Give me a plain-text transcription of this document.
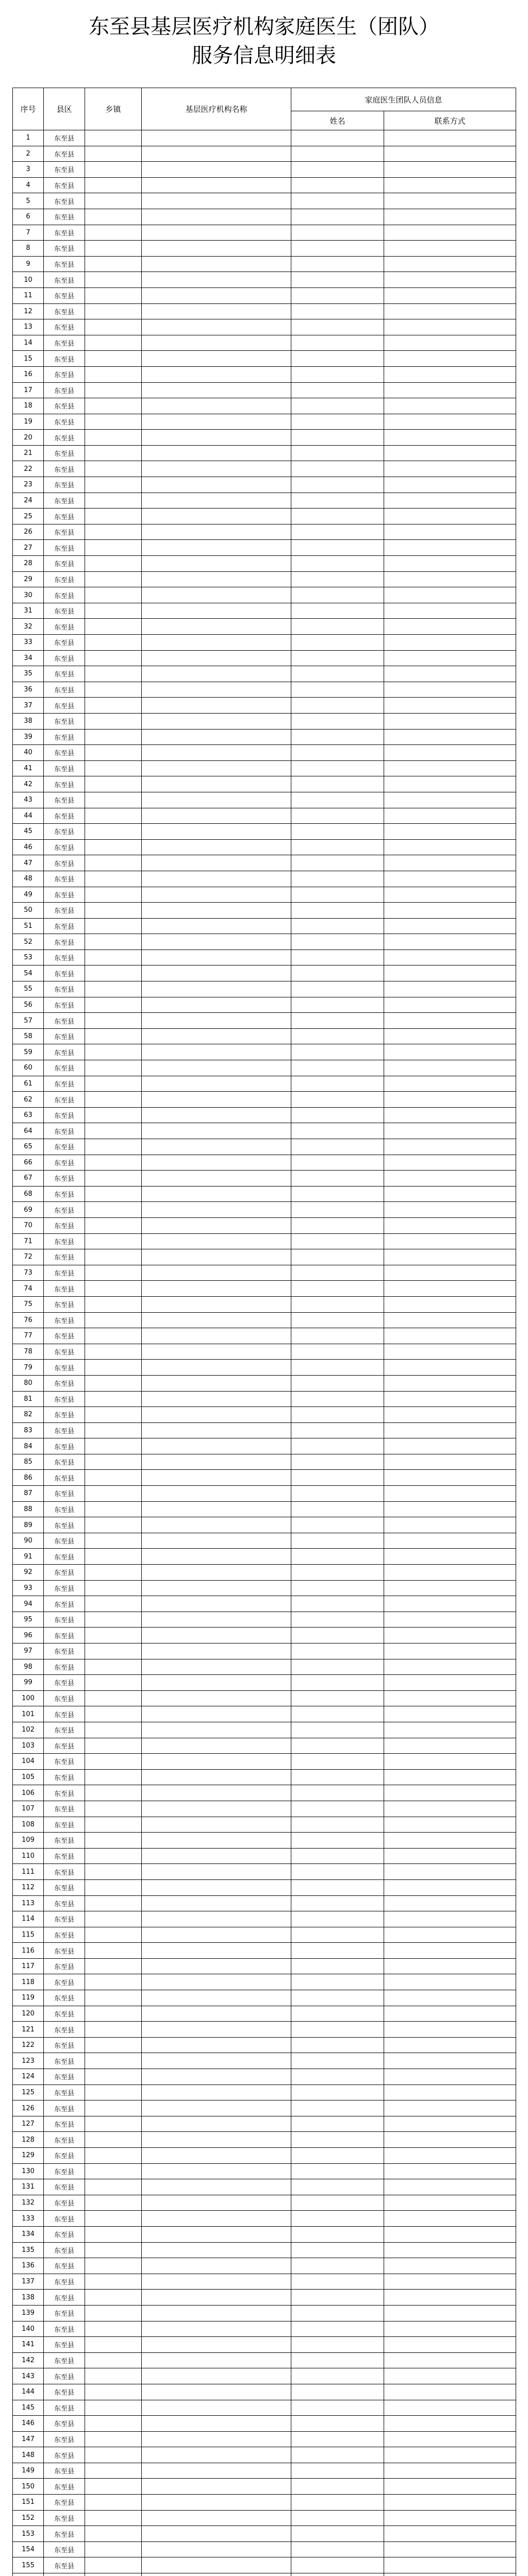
东至县基层医疗机构家庭医生（团队）
服务信息明细表
序号	县区	乡镇	基层医疗机构名称	家庭医生团队人员信息	
				姓名	联系方式
1	东至县				
2	东至县				
3	东至县				
4	东至县				
5	东至县				
6	东至县				
7	东至县				
8	东至县				
9	东至县				
10	东至县				
11	东至县				
12	东至县				
13	东至县				
14	东至县				
15	东至县				
16	东至县				
17	东至县				
18	东至县				
19	东至县				
20	东至县				
21	东至县				
22	东至县				
23	东至县				
24	东至县				
25	东至县				
26	东至县				
27	东至县				
28	东至县				
29	东至县				
30	东至县				
31	东至县				
32	东至县				
33	东至县				
34	东至县				
35	东至县				
36	东至县				
37	东至县				
38	东至县				
39	东至县				
40	东至县				
41	东至县				
42	东至县				
43	东至县				
44	东至县				
45	东至县				
46	东至县				
47	东至县				
48	东至县				
49	东至县				
50	东至县				
51	东至县				
52	东至县				
53	东至县				
54	东至县				
55	东至县				
56	东至县				
57	东至县				
58	东至县				
59	东至县				
60	东至县				
61	东至县				
62	东至县				
63	东至县				
64	东至县				
65	东至县				
66	东至县				
67	东至县				
68	东至县				
69	东至县				
70	东至县				
71	东至县				
72	东至县				
73	东至县				
74	东至县				
75	东至县				
76	东至县				
77	东至县				
78	东至县				
79	东至县				
80	东至县				
81	东至县				
82	东至县				
83	东至县				
84	东至县				
85	东至县				
86	东至县				
87	东至县				
88	东至县				
89	东至县				
90	东至县				
91	东至县				
92	东至县				
93	东至县				
94	东至县				
95	东至县				
96	东至县				
97	东至县				
98	东至县				
99	东至县				
100	东至县				
101	东至县				
102	东至县				
103	东至县				
104	东至县				
105	东至县				
106	东至县				
107	东至县				
108	东至县				
109	东至县				
110	东至县				
111	东至县				
112	东至县				
113	东至县				
114	东至县				
115	东至县				
116	东至县				
117	东至县				
118	东至县				
119	东至县				
120	东至县				
121	东至县				
122	东至县				
123	东至县				
124	东至县				
125	东至县				
126	东至县				
127	东至县				
128	东至县				
129	东至县				
130	东至县				
131	东至县				
132	东至县				
133	东至县				
134	东至县				
135	东至县				
136	东至县				
137	东至县				
138	东至县				
139	东至县				
140	东至县				
141	东至县				
142	东至县				
143	东至县				
144	东至县				
145	东至县				
146	东至县				
147	东至县				
148	东至县				
149	东至县				
150	东至县				
151	东至县				
152	东至县				
153	东至县				
154	东至县				
155	东至县				
